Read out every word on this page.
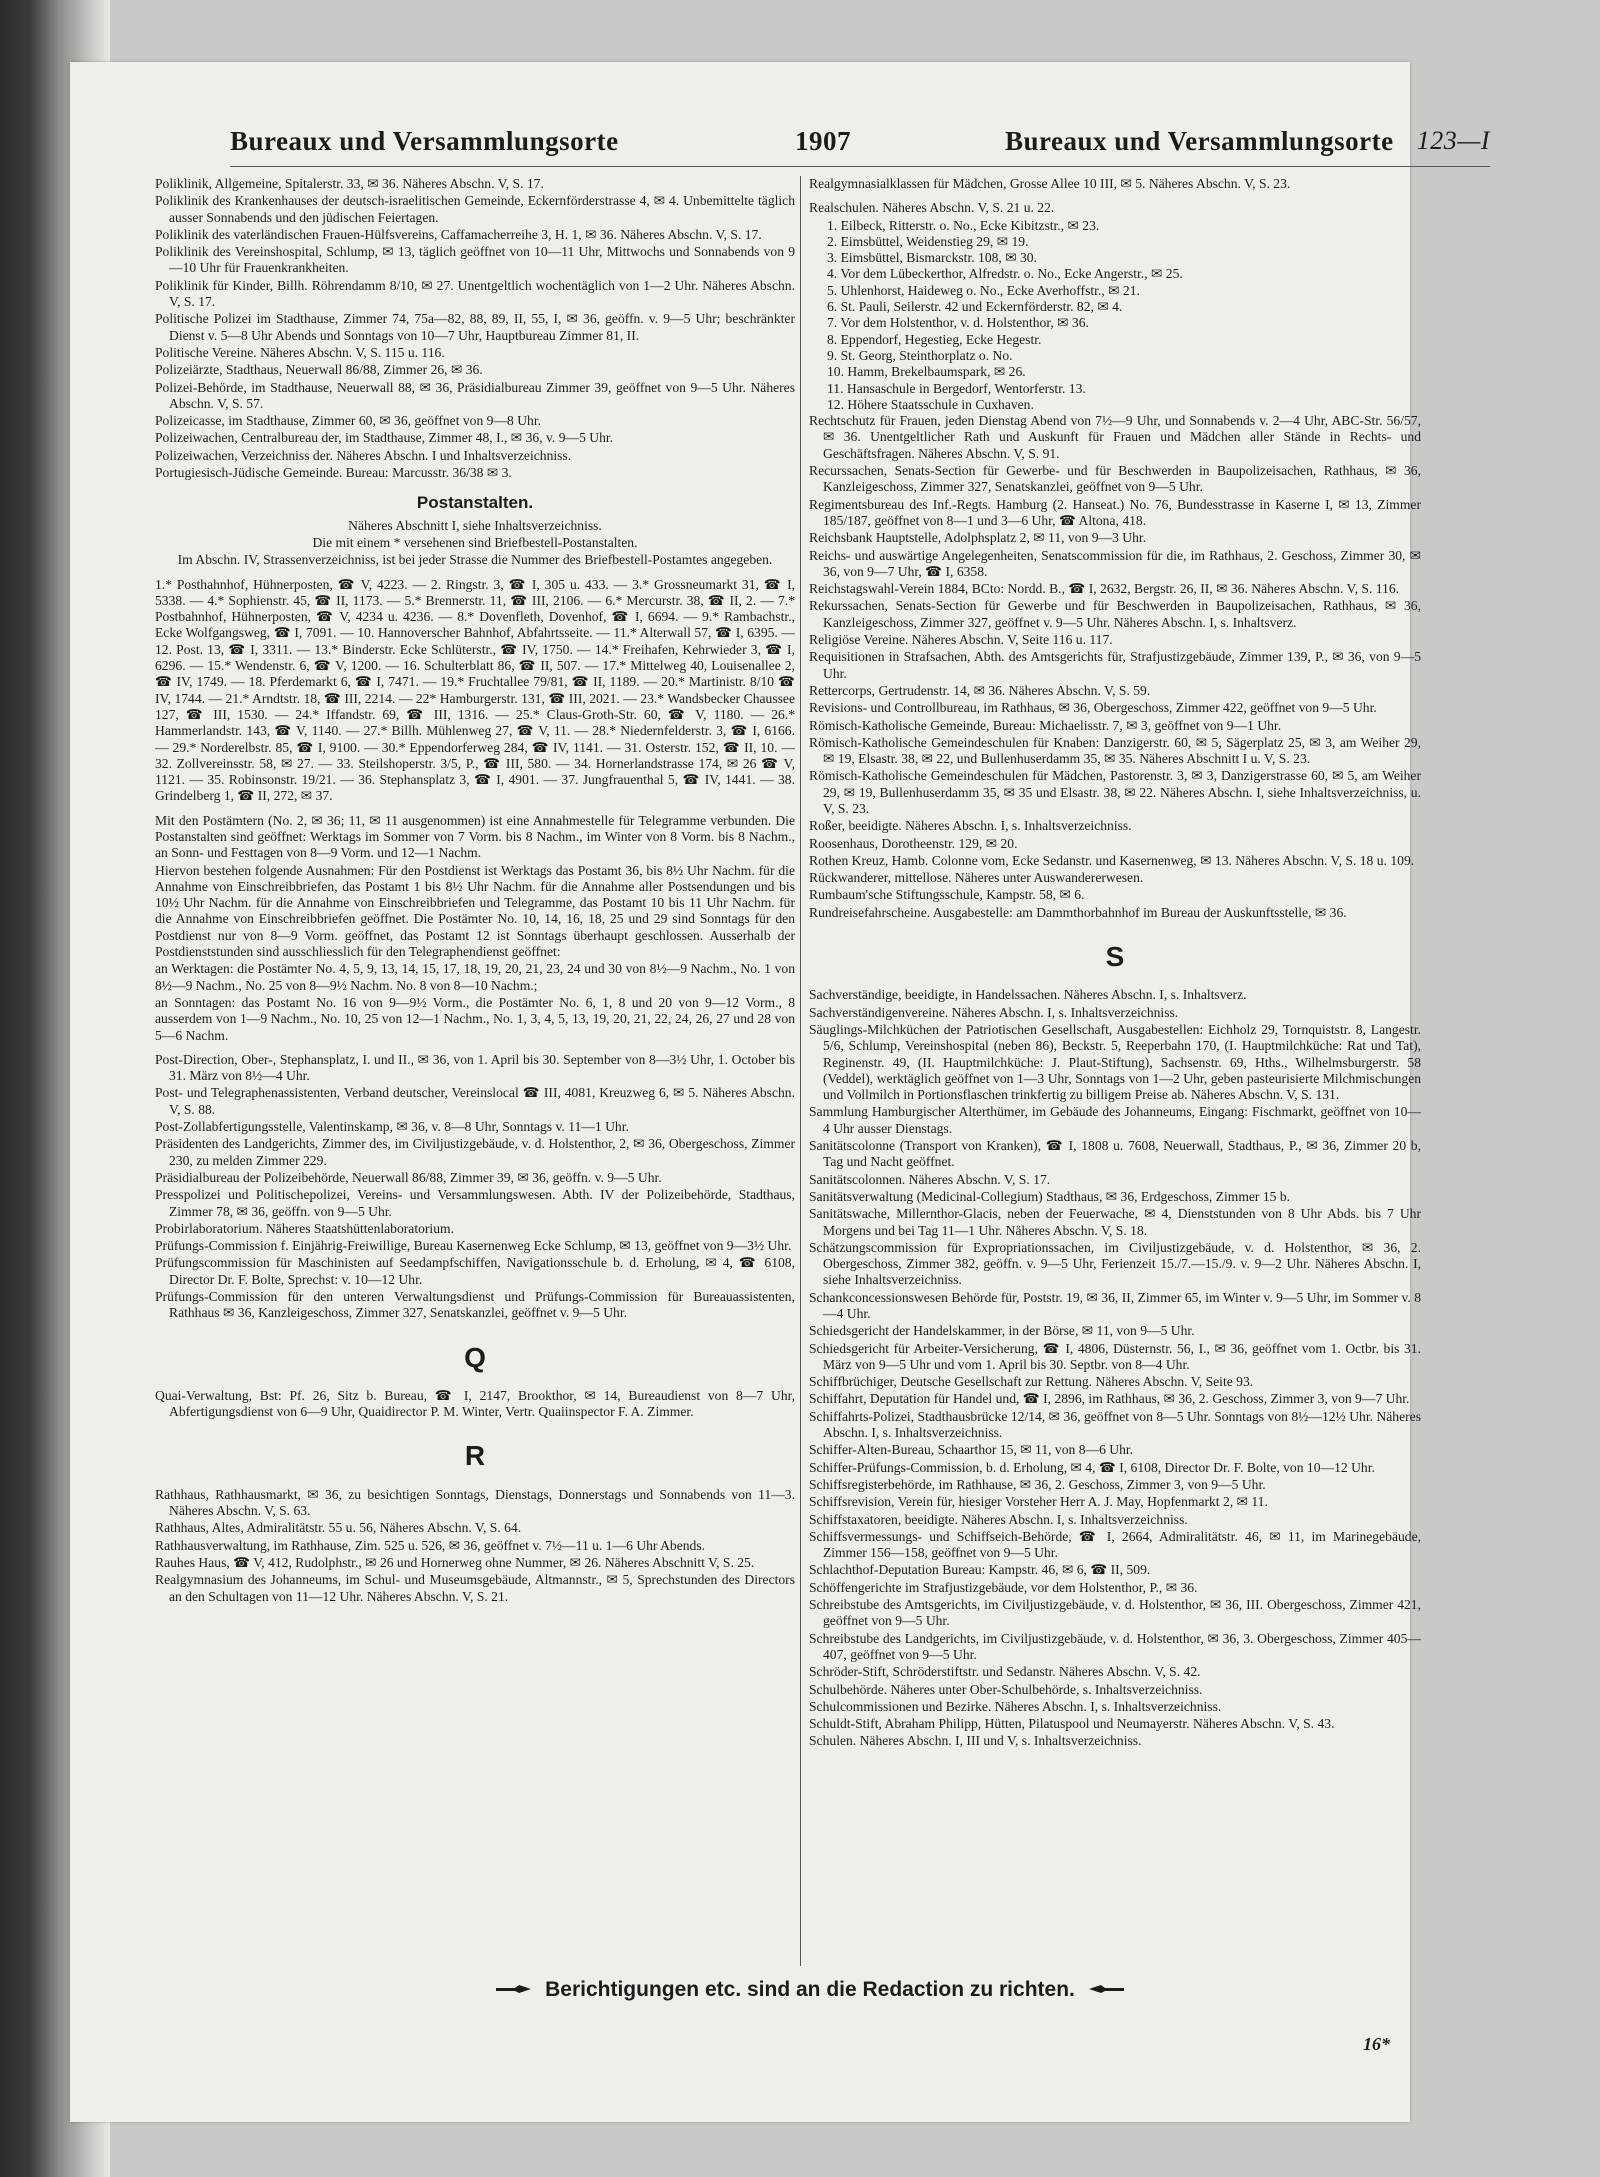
Bureaux und Versammlungsorte	1907	Bureaux und Versammlungsorte 123—I

Poliklinik, Allgemeine, Spitalerstr. 33, ✉ 36. Näheres Abschn. V, S. 17.

Poliklinik des Krankenhauses der deutsch-israelitischen Gemeinde, Eckernförderstrasse 4, ✉ 4. Unbemittelte täglich ausser Sonnabends und den jüdischen Feiertagen.

Poliklinik des vaterländischen Frauen-Hülfsvereins, Caffamacherreihe 3, H. 1, ✉ 36. Näheres Abschn. V, S. 17.

Poliklinik des Vereinshospital, Schlump, ✉ 13, täglich geöffnet von 10—11 Uhr, Mittwochs und Sonnabends von 9—10 Uhr für Frauenkrankheiten.

Poliklinik für Kinder, Billh. Röhrendamm 8/10, ✉ 27. Unentgeltlich wochentäglich von 1—2 Uhr. Näheres Abschn. V, S. 17.

Politische Polizei im Stadthause, Zimmer 74, 75a—82, 88, 89, II, 55, I, ✉ 36, geöffn. v. 9—5 Uhr; beschränkter Dienst v. 5—8 Uhr Abends und Sonntags von 10—7 Uhr, Hauptbureau Zimmer 81, II.

Politische Vereine. Näheres Abschn. V, S. 115 u. 116.

Polizeiärzte, Stadthaus, Neuerwall 86/88, Zimmer 26, ✉ 36.

Polizei-Behörde, im Stadthause, Neuerwall 88, ✉ 36, Präsidialbureau Zimmer 39, geöffnet von 9—5 Uhr. Näheres Abschn. V, S. 57.

Polizeicasse, im Stadthause, Zimmer 60, ✉ 36, geöffnet von 9—8 Uhr.

Polizeiwachen, Centralbureau der, im Stadthause, Zimmer 48, I., ✉ 36, v. 9—5 Uhr.

Polizeiwachen, Verzeichniss der. Näheres Abschn. I und Inhaltsverzeichniss.

Portugiesisch-Jüdische Gemeinde. Bureau: Marcusstr. 36/38 ✉ 3.

Postanstalten.

Näheres Abschnitt I, siehe Inhaltsverzeichniss.

Die mit einem * versehenen sind Briefbestell-Postanstalten.

Im Abschn. IV, Strassenverzeichniss, ist bei jeder Strasse die Nummer des Briefbestell-Postamtes angegeben.

1.* Posthahnhof, Hühnerposten, ☎ V, 4223. — 2. Ringstr. 3, ☎ I, 305 u. 433. — 3.* Grossneumarkt 31, ☎ I, 5338. — 4.* Sophienstr. 45, ☎ II, 1173. — 5.* Brennerstr. 11, ☎ III, 2106. — 6.* Mercurstr. 38, ☎ II, 2. — 7.* Postbahnhof, Hühnerposten, ☎ V, 4234 u. 4236. — 8.* Dovenfleth, Dovenhof, ☎ I, 6694. — 9.* Rambachstr., Ecke Wolfgangsweg, ☎ I, 7091. — 10. Hannoverscher Bahnhof, Abfahrtsseite. — 11.* Alterwall 57, ☎ I, 6395. — 12. Post. 13, ☎ I, 3311. — 13.* Binderstr. Ecke Schlüterstr., ☎ IV, 1750. — 14.* Freihafen, Kehrwieder 3, ☎ I, 6296. — 15.* Wendenstr. 6, ☎ V, 1200. — 16. Schulterblatt 86, ☎ II, 507. — 17.* Mittelweg 40, Louisenallee 2, ☎ IV, 1749. — 18. Pferdemarkt 6, ☎ I, 7471. — 19.* Fruchtallee 79/81, ☎ II, 1189. — 20.* Martinistr. 8/10 ☎ IV, 1744. — 21.* Arndtstr. 18, ☎ III, 2214. — 22* Hamburgerstr. 131, ☎ III, 2021. — 23.* Wandsbecker Chaussee 127, ☎ III, 1530. — 24.* Iffandstr. 69, ☎ III, 1316. — 25.* Claus-Groth-Str. 60, ☎ V, 1180. — 26.* Hammerlandstr. 143, ☎ V, 1140. — 27.* Billh. Mühlenweg 27, ☎ V, 11. — 28.* Niedernfelderstr. 3, ☎ I, 6166. — 29.* Norderelbstr. 85, ☎ I, 9100. — 30.* Eppendorferweg 284, ☎ IV, 1141. — 31. Osterstr. 152, ☎ II, 10. — 32. Zollvereinsstr. 58, ✉ 27. — 33. Steilshoperstr. 3/5, P., ☎ III, 580. — 34. Hornerlandstrasse 174, ✉ 26 ☎ V, 1121. — 35. Robinsonstr. 19/21. — 36. Stephansplatz 3, ☎ I, 4901. — 37. Jungfrauenthal 5, ☎ IV, 1441. — 38. Grindelberg 1, ☎ II, 272, ✉ 37.

Mit den Postämtern (No. 2, ✉ 36; 11, ✉ 11 ausgenommen) ist eine Annahmestelle für Telegramme verbunden. Die Postanstalten sind geöffnet: Werktags im Sommer von 7 Vorm. bis 8 Nachm., im Winter von 8 Vorm. bis 8 Nachm., an Sonn- und Festtagen von 8—9 Vorm. und 12—1 Nachm.

Hiervon bestehen folgende Ausnahmen: Für den Postdienst ist Werktags das Postamt 36, bis 8½ Uhr Nachm. für die Annahme von Einschreibbriefen, das Postamt 1 bis 8½ Uhr Nachm. für die Annahme aller Postsendungen und bis 10½ Uhr Nachm. für die Annahme von Einschreibbriefen und Telegramme, das Postamt 10 bis 11 Uhr Nachm. für die Annahme von Einschreibbriefen geöffnet. Die Postämter No. 10, 14, 16, 18, 25 und 29 sind Sonntags für den Postdienst nur von 8—9 Vorm. geöffnet, das Postamt 12 ist Sonntags überhaupt geschlossen. Ausserhalb der Postdienststunden sind ausschliesslich für den Telegraphendienst geöffnet:

an Werktagen: die Postämter No. 4, 5, 9, 13, 14, 15, 17, 18, 19, 20, 21, 23, 24 und 30 von 8½—9 Nachm., No. 1 von 8½—9 Nachm., No. 25 von 8—9½ Nachm. No. 8 von 8—10 Nachm.;

an Sonntagen: das Postamt No. 16 von 9—9½ Vorm., die Postämter No. 6, 1, 8 und 20 von 9—12 Vorm., 8 ausserdem von 1—9 Nachm., No. 10, 25 von 12—1 Nachm., No. 1, 3, 4, 5, 13, 19, 20, 21, 22, 24, 26, 27 und 28 von 5—6 Nachm.

Post-Direction, Ober-, Stephansplatz, I. und II., ✉ 36, von 1. April bis 30. September von 8—3½ Uhr, 1. October bis 31. März von 8½—4 Uhr.

Post- und Telegraphenassistenten, Verband deutscher, Vereinslocal ☎ III, 4081, Kreuzweg 6, ✉ 5. Näheres Abschn. V, S. 88.

Post-Zollabfertigungsstelle, Valentinskamp, ✉ 36, v. 8—8 Uhr, Sonntags v. 11—1 Uhr.

Präsidenten des Landgerichts, Zimmer des, im Civiljustizgebäude, v. d. Holstenthor, 2, ✉ 36, Obergeschoss, Zimmer 230, zu melden Zimmer 229.

Präsidialbureau der Polizeibehörde, Neuerwall 86/88, Zimmer 39, ✉ 36, geöffn. v. 9—5 Uhr.

Presspolizei und Politischepolizei, Vereins- und Versammlungswesen. Abth. IV der Polizeibehörde, Stadthaus, Zimmer 78, ✉ 36, geöffn. von 9—5 Uhr.

Probirlaboratorium. Näheres Staatshüttenlaboratorium.

Prüfungs-Commission f. Einjährig-Freiwillige, Bureau Kasernenweg Ecke Schlump, ✉ 13, geöffnet von 9—3½ Uhr.

Prüfungscommission für Maschinisten auf Seedampfschiffen, Navigationsschule b. d. Erholung, ✉ 4, ☎ 6108, Director Dr. F. Bolte, Sprechst: v. 10—12 Uhr.

Prüfungs-Commission für den unteren Verwaltungsdienst und Prüfungs-Commission für Bureauassistenten, Rathhaus ✉ 36, Kanzleigeschoss, Zimmer 327, Senatskanzlei, geöffnet v. 9—5 Uhr.

Q

Quai-Verwaltung, Bst: Pf. 26, Sitz b. Bureau, ☎ I, 2147, Brookthor, ✉ 14, Bureaudienst von 8—7 Uhr, Abfertigungsdienst von 6—9 Uhr, Quaidirector P. M. Winter, Vertr. Quaiinspector F. A. Zimmer.

R

Rathhaus, Rathhausmarkt, ✉ 36, zu besichtigen Sonntags, Dienstags, Donnerstags und Sonnabends von 11—3. Näheres Abschn. V, S. 63.

Rathhaus, Altes, Admiralitätstr. 55 u. 56, Näheres Abschn. V, S. 64.

Rathhausverwaltung, im Rathhause, Zim. 525 u. 526, ✉ 36, geöffnet v. 7½—11 u. 1—6 Uhr Abends.

Rauhes Haus, ☎ V, 412, Rudolphstr., ✉ 26 und Hornerweg ohne Nummer, ✉ 26. Näheres Abschnitt V, S. 25.

Realgymnasium des Johanneums, im Schul- und Museumsgebäude, Altmannstr., ✉ 5, Sprechstunden des Directors an den Schultagen von 11—12 Uhr. Näheres Abschn. V, S. 21.

Realgymnasialklassen für Mädchen, Grosse Allee 10 III, ✉ 5. Näheres Abschn. V, S. 23.

Realschulen. Näheres Abschn. V, S. 21 u. 22.

1. Eilbeck, Ritterstr. o. No., Ecke Kibitzstr., ✉ 23.

2. Eimsbüttel, Weidenstieg 29, ✉ 19.

3. Eimsbüttel, Bismarckstr. 108, ✉ 30.

4. Vor dem Lübeckerthor, Alfredstr. o. No., Ecke Angerstr., ✉ 25.

5. Uhlenhorst, Haideweg o. No., Ecke Averhoffstr., ✉ 21.

6. St. Pauli, Seilerstr. 42 und Eckernförderstr. 82, ✉ 4.

7. Vor dem Holstenthor, v. d. Holstenthor, ✉ 36.

8. Eppendorf, Hegestieg, Ecke Hegestr.

9. St. Georg, Steinthorplatz o. No.

10. Hamm, Brekelbaumspark, ✉ 26.

11. Hansaschule in Bergedorf, Wentorferstr. 13.

12. Höhere Staatsschule in Cuxhaven.

Rechtschutz für Frauen, jeden Dienstag Abend von 7½—9 Uhr, und Sonnabends v. 2—4 Uhr, ABC-Str. 56/57, ✉ 36. Unentgeltlicher Rath und Auskunft für Frauen und Mädchen aller Stände in Rechts- und Geschäftsfragen. Näheres Abschn. V, S. 91.

Recurssachen, Senats-Section für Gewerbe- und für Beschwerden in Baupolizeisachen, Rathhaus, ✉ 36, Kanzleigeschoss, Zimmer 327, Senatskanzlei, geöffnet von 9—5 Uhr.

Regimentsbureau des Inf.-Regts. Hamburg (2. Hanseat.) No. 76, Bundesstrasse in Kaserne I, ✉ 13, Zimmer 185/187, geöffnet von 8—1 und 3—6 Uhr, ☎ Altona, 418.

Reichsbank Hauptstelle, Adolphsplatz 2, ✉ 11, von 9—3 Uhr.

Reichs- und auswärtige Angelegenheiten, Senatscommission für die, im Rathhaus, 2. Geschoss, Zimmer 30, ✉ 36, von 9—7 Uhr, ☎ I, 6358.

Reichstagswahl-Verein 1884, BCto: Nordd. B., ☎ I, 2632, Bergstr. 26, II, ✉ 36. Näheres Abschn. V, S. 116.

Rekurssachen, Senats-Section für Gewerbe und für Beschwerden in Baupolizeisachen, Rathhaus, ✉ 36, Kanzleigeschoss, Zimmer 327, geöffnet v. 9—5 Uhr. Näheres Abschn. I, s. Inhaltsverz.

Religiöse Vereine. Näheres Abschn. V, Seite 116 u. 117.

Requisitionen in Strafsachen, Abth. des Amtsgerichts für, Strafjustizgebäude, Zimmer 139, P., ✉ 36, von 9—5 Uhr.

Rettercorps, Gertrudenstr. 14, ✉ 36. Näheres Abschn. V, S. 59.

Revisions- und Controllbureau, im Rathhaus, ✉ 36, Obergeschoss, Zimmer 422, geöffnet von 9—5 Uhr.

Römisch-Katholische Gemeinde, Bureau: Michaelisstr. 7, ✉ 3, geöffnet von 9—1 Uhr.

Römisch-Katholische Gemeindeschulen für Knaben: Danzigerstr. 60, ✉ 5, Sägerplatz 25, ✉ 3, am Weiher 29, ✉ 19, Elsastr. 38, ✉ 22, und Bullenhuserdamm 35, ✉ 35. Näheres Abschnitt I u. V, S. 23.

Römisch-Katholische Gemeindeschulen für Mädchen, Pastorenstr. 3, ✉ 3, Danzigerstrasse 60, ✉ 5, am Weiher 29, ✉ 19, Bullenhuserdamm 35, ✉ 35 und Elsastr. 38, ✉ 22. Näheres Abschn. I, siehe Inhaltsverzeichniss, u. V, S. 23.

Roßer, beeidigte. Näheres Abschn. I, s. Inhaltsverzeichniss.

Roosenhaus, Dorotheenstr. 129, ✉ 20.

Rothen Kreuz, Hamb. Colonne vom, Ecke Sedanstr. und Kasernenweg, ✉ 13. Näheres Abschn. V, S. 18 u. 109.

Rückwanderer, mittellose. Näheres unter Auswandererwesen.

Rumbaum'sche Stiftungsschule, Kampstr. 58, ✉ 6.

Rundreisefahrscheine. Ausgabestelle: am Dammthorbahnhof im Bureau der Auskunftsstelle, ✉ 36.

S

Sachverständige, beeidigte, in Handelssachen. Näheres Abschn. I, s. Inhaltsverz.

Sachverständigenvereine. Näheres Abschn. I, s. Inhaltsverzeichniss.

Säuglings-Milchküchen der Patriotischen Gesellschaft, Ausgabestellen: Eichholz 29, Tornquiststr. 8, Langestr. 5/6, Schlump, Vereinshospital (neben 86), Beckstr. 5, Reeperbahn 170, (I. Hauptmilchküche: Rat und Tat), Reginenstr. 49, (II. Hauptmilchküche: J. Plaut-Stiftung), Sachsenstr. 69, Hths., Wilhelmsburgerstr. 58 (Veddel), werktäglich geöffnet von 1—3 Uhr, Sonntags von 1—2 Uhr, geben pasteurisierte Milchmischungen und Vollmilch in Portionsflaschen trinkfertig zu billigem Preise ab. Näheres Abschn. V, S. 131.

Sammlung Hamburgischer Alterthümer, im Gebäude des Johanneums, Eingang: Fischmarkt, geöffnet von 10—4 Uhr ausser Dienstags.

Sanitätscolonne (Transport von Kranken), ☎ I, 1808 u. 7608, Neuerwall, Stadthaus, P., ✉ 36, Zimmer 20 b, Tag und Nacht geöffnet.

Sanitätscolonnen. Näheres Abschn. V, S. 17.

Sanitätsverwaltung (Medicinal-Collegium) Stadthaus, ✉ 36, Erdgeschoss, Zimmer 15 b.

Sanitätswache, Millernthor-Glacis, neben der Feuerwache, ✉ 4, Dienststunden von 8 Uhr Abds. bis 7 Uhr Morgens und bei Tag 11—1 Uhr. Näheres Abschn. V, S. 18.

Schätzungscommission für Expropriationssachen, im Civiljustizgebäude, v. d. Holstenthor, ✉ 36, 2. Obergeschoss, Zimmer 382, geöffn. v. 9—5 Uhr, Ferienzeit 15./7.—15./9. v. 9—2 Uhr. Näheres Abschn. I, siehe Inhaltsverzeichniss.

Schankconcessionswesen Behörde für, Poststr. 19, ✉ 36, II, Zimmer 65, im Winter v. 9—5 Uhr, im Sommer v. 8—4 Uhr.

Schiedsgericht der Handelskammer, in der Börse, ✉ 11, von 9—5 Uhr.

Schiedsgericht für Arbeiter-Versicherung, ☎ I, 4806, Düsternstr. 56, I., ✉ 36, geöffnet vom 1. Octbr. bis 31. März von 9—5 Uhr und vom 1. April bis 30. Septbr. von 8—4 Uhr.

Schiffbrüchiger, Deutsche Gesellschaft zur Rettung. Näheres Abschn. V, Seite 93.

Schiffahrt, Deputation für Handel und, ☎ I, 2896, im Rathhaus, ✉ 36, 2. Geschoss, Zimmer 3, von 9—7 Uhr.

Schiffahrts-Polizei, Stadthausbrücke 12/14, ✉ 36, geöffnet von 8—5 Uhr. Sonntags von 8½—12½ Uhr. Näheres Abschn. I, s. Inhaltsverzeichniss.

Schiffer-Alten-Bureau, Schaarthor 15, ✉ 11, von 8—6 Uhr.

Schiffer-Prüfungs-Commission, b. d. Erholung, ✉ 4, ☎ I, 6108, Director Dr. F. Bolte, von 10—12 Uhr.

Schiffsregisterbehörde, im Rathhause, ✉ 36, 2. Geschoss, Zimmer 3, von 9—5 Uhr.

Schiffsrevision, Verein für, hiesiger Vorsteher Herr A. J. May, Hopfenmarkt 2, ✉ 11.

Schiffstaxatoren, beeidigte. Näheres Abschn. I, s. Inhaltsverzeichniss.

Schiffsvermessungs- und Schiffseich-Behörde, ☎ I, 2664, Admiralitätstr. 46, ✉ 11, im Marinegebäude, Zimmer 156—158, geöffnet von 9—5 Uhr.

Schlachthof-Deputation Bureau: Kampstr. 46, ✉ 6, ☎ II, 509.

Schöffengerichte im Strafjustizgebäude, vor dem Holstenthor, P., ✉ 36.

Schreibstube des Amtsgerichts, im Civiljustizgebäude, v. d. Holstenthor, ✉ 36, III. Obergeschoss, Zimmer 421, geöffnet von 9—5 Uhr.

Schreibstube des Landgerichts, im Civiljustizgebäude, v. d. Holstenthor, ✉ 36, 3. Obergeschoss, Zimmer 405—407, geöffnet von 9—5 Uhr.

Schröder-Stift, Schröderstiftstr. und Sedanstr. Näheres Abschn. V, S. 42.

Schulbehörde. Näheres unter Ober-Schulbehörde, s. Inhaltsverzeichniss.

Schulcommissionen und Bezirke. Näheres Abschn. I, s. Inhaltsverzeichniss.

Schuldt-Stift, Abraham Philipp, Hütten, Pilatuspool und Neumayerstr. Näheres Abschn. V, S. 43.

Schulen. Näheres Abschn. I, III und V, s. Inhaltsverzeichniss.

Berichtigungen etc. sind an die Redaction zu richten.
16*
